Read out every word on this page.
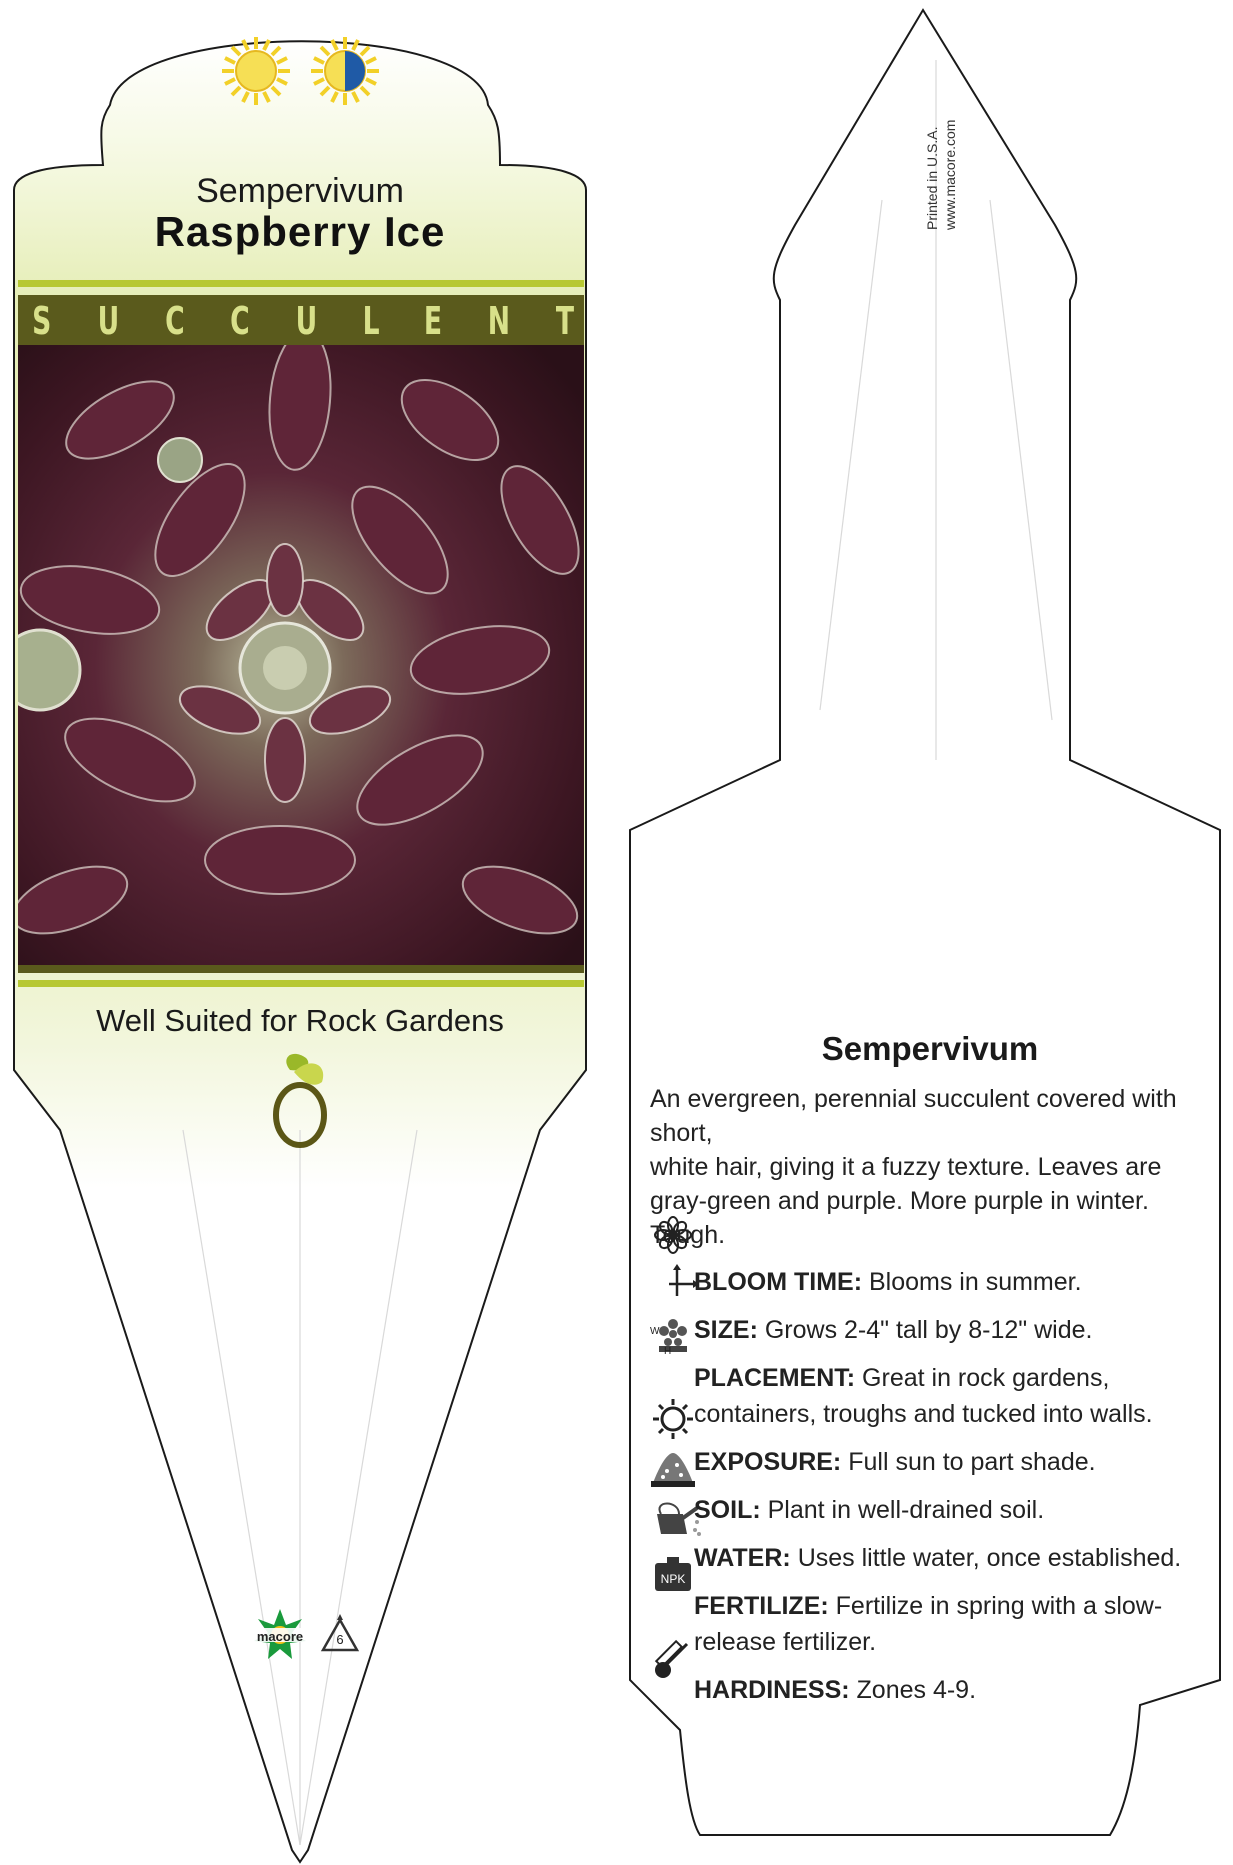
NPK
Sempervivum
Raspberry Ice
S U C C U L E N T
Well Suited for Rock Gardens
macore	6
Printed in U.S.A. www.macore.com
Sempervivum
An evergreen, perennial succulent covered with short,
white hair, giving it a fuzzy texture. Leaves are
gray-green and purple. More purple in winter. Tough.
BLOOM TIME: Blooms in summer.
W
H
SIZE: Grows 2-4" tall by 8-12" wide.
PLACEMENT: Great in rock gardens, containers, troughs and tucked into walls.
EXPOSURE: Full sun to part shade.
SOIL: Plant in well-drained soil.
WATER: Uses little water, once established.
FERTILIZE: Fertilize in spring with a slow-release fertilizer.
HARDINESS: Zones 4-9.
